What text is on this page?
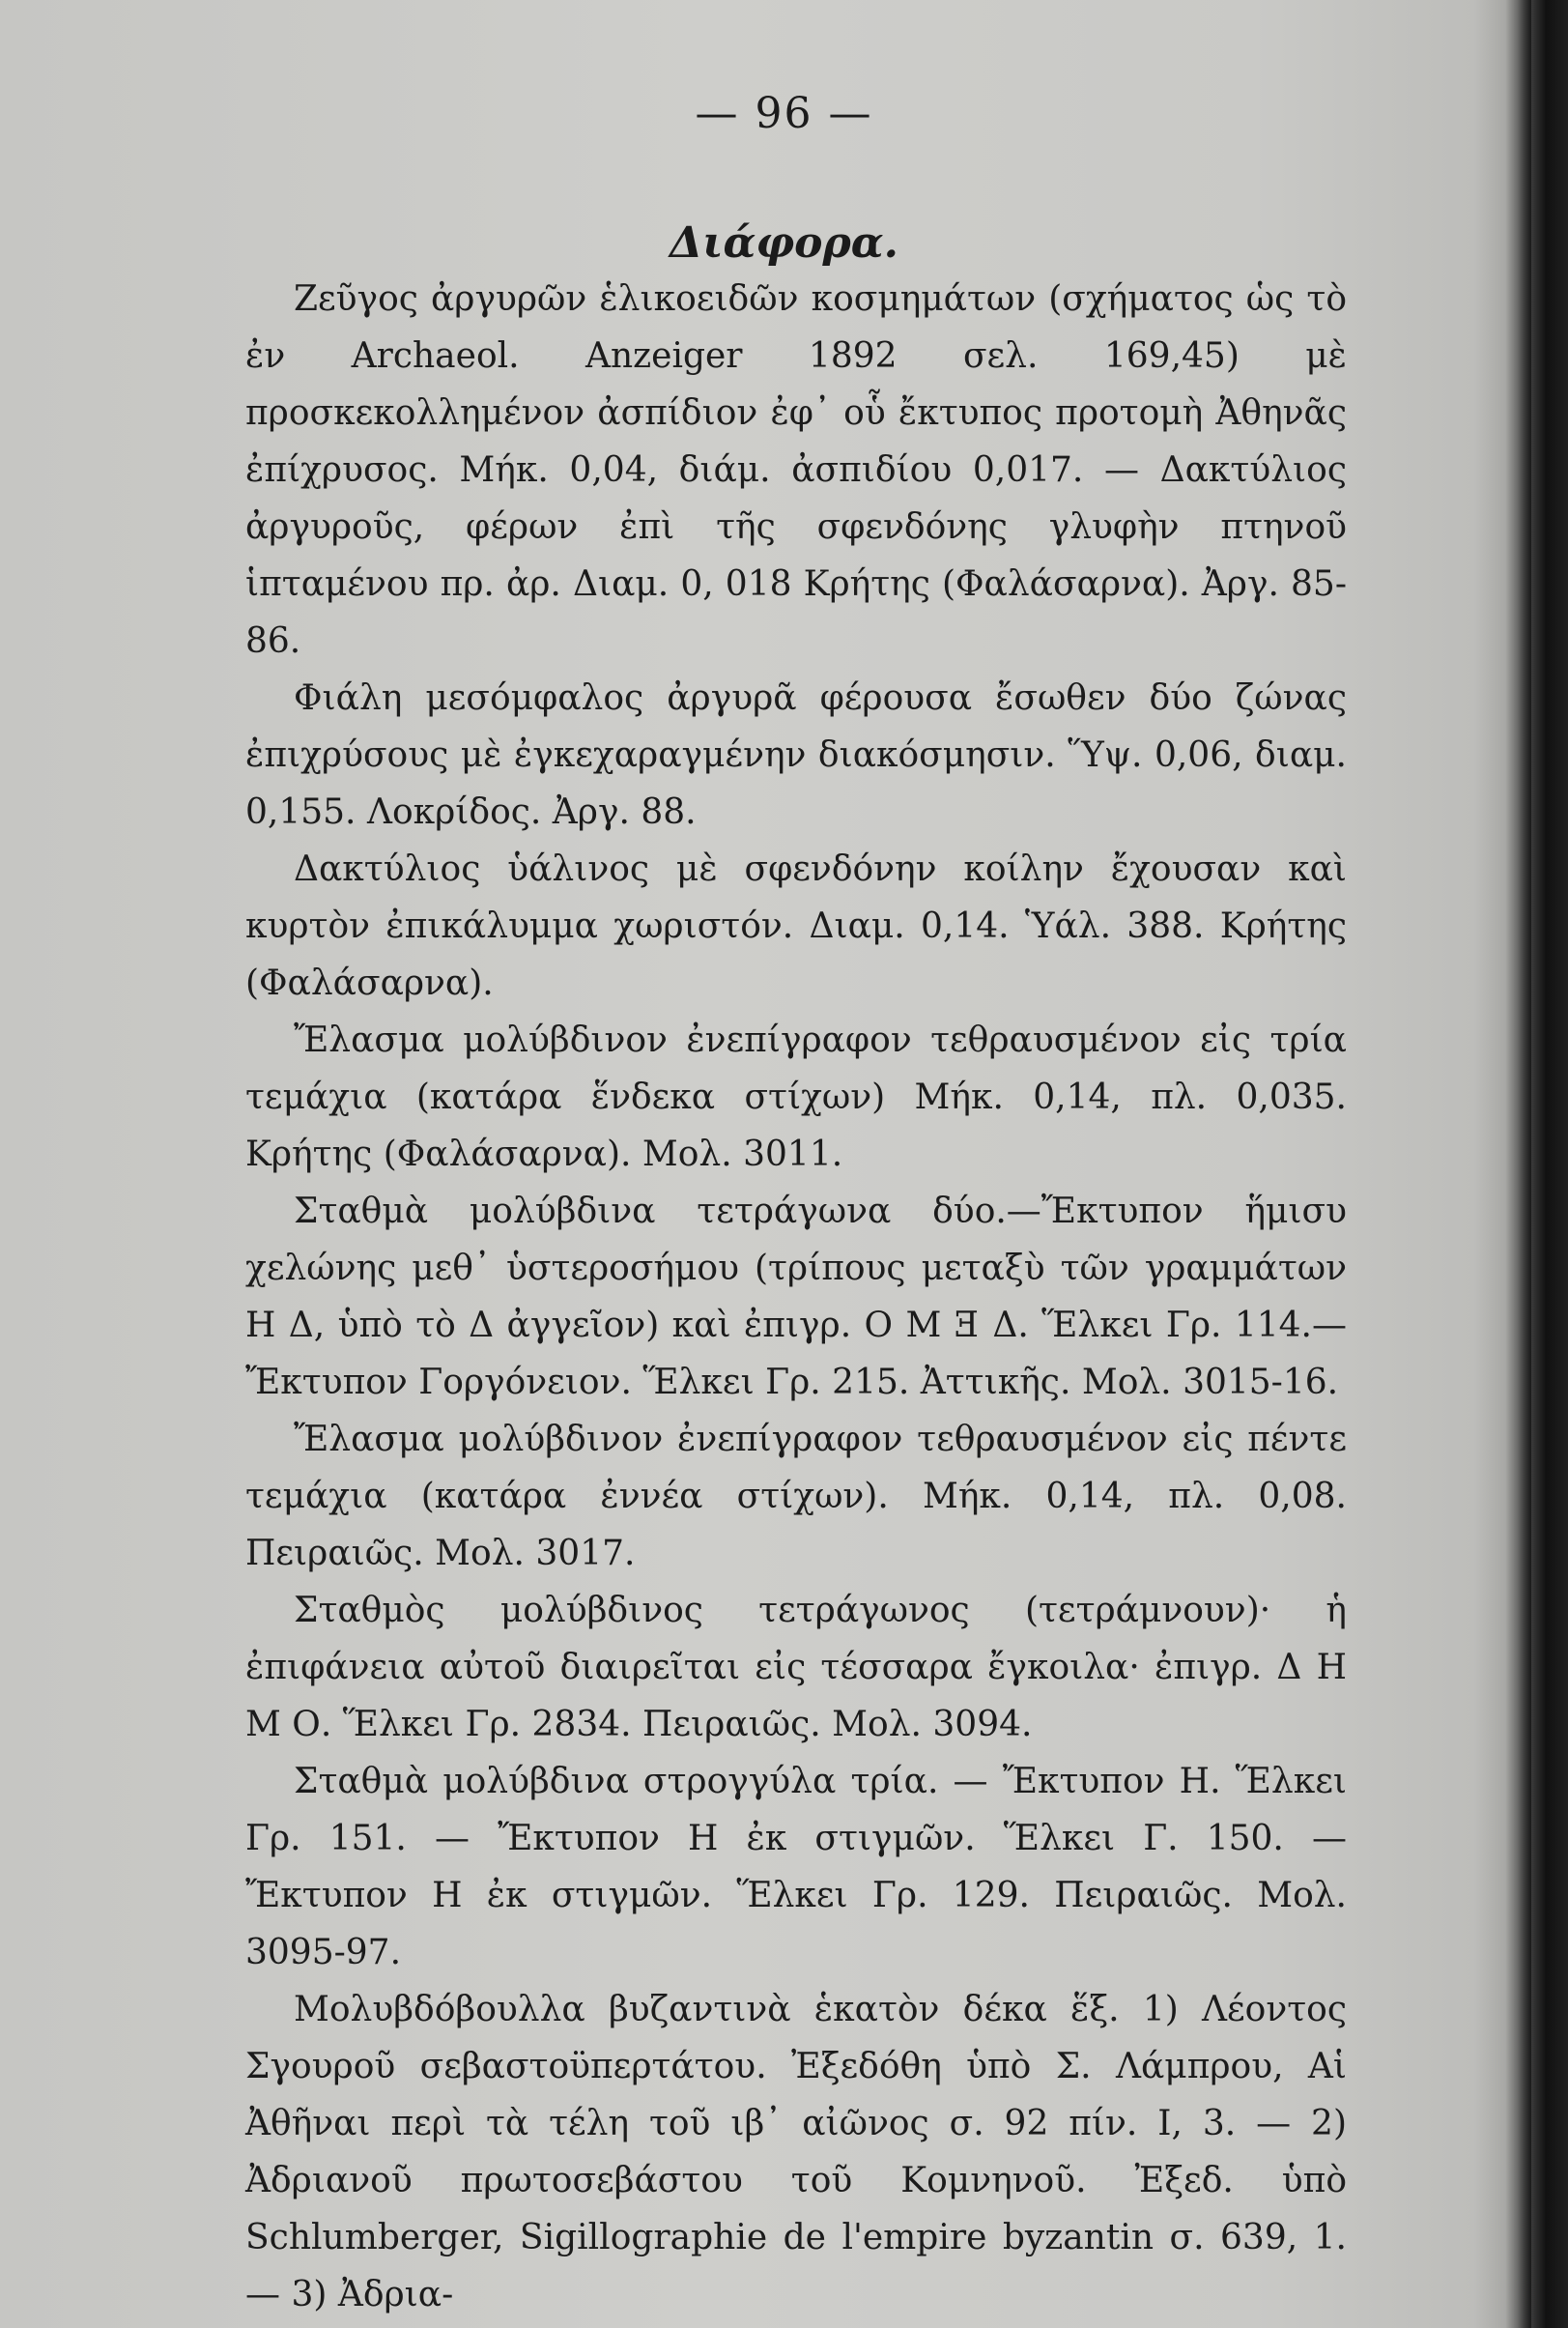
— 96 —
Διάφορα.

Ζεῦγος ἀργυρῶν ἑλικοειδῶν κοσμημάτων (σχήματος ὡς τὸ ἐν Archaeol. Anzeiger 1892 σελ. 169,45) μὲ προσκεκολλημένον ἀσπίδιον ἐφ᾽ οὗ ἔκτυπος προτομὴ Ἀθηνᾶς ἐπίχρυσος. Μήκ. 0,04, διάμ. ἀσπιδίου 0,017. — Δακτύλιος ἀργυροῦς, φέρων ἐπὶ τῆς σφενδόνης γλυφὴν πτηνοῦ ἱπταμένου πρ. ἀρ. Διαμ. 0, 018 Κρήτης (Φαλάσαρνα). Ἀργ. 85-86.

Φιάλη μεσόμφαλος ἀργυρᾶ φέρουσα ἔσωθεν δύο ζώνας ἐπιχρύσους μὲ ἐγκεχαραγμένην διακόσμησιν. Ὕψ. 0,06, διαμ. 0,155. Λοκρίδος. Ἀργ. 88.

Δακτύλιος ὑάλινος μὲ σφενδόνην κοίλην ἔχουσαν καὶ κυρτὸν ἐπικάλυμμα χωριστόν. Διαμ. 0,14. Ὑάλ. 388. Κρήτης (Φαλάσαρνα).

Ἔλασμα μολύβδινον ἐνεπίγραφον τεθραυσμένον εἰς τρία τεμάχια (κατάρα ἕνδεκα στίχων) Μήκ. 0,14, πλ. 0,035. Κρήτης (Φαλάσαρνα). Μολ. 3011.

Σταθμὰ μολύβδινα τετράγωνα δύο.—Ἔκτυπον ἥμισυ χελώνης μεθ᾽ ὑστεροσήμου (τρίπους μεταξὺ τῶν γραμμάτων Η Δ, ὑπὸ τὸ Δ ἀγγεῖον) καὶ ἐπιγρ. Ο Μ Ǝ Δ. Ἕλκει Γρ. 114.— Ἔκτυπον Γοργόνειον. Ἕλκει Γρ. 215. Ἀττικῆς. Μολ. 3015-16.

Ἔλασμα μολύβδινον ἐνεπίγραφον τεθραυσμένον εἰς πέντε τεμάχια (κατάρα ἐννέα στίχων). Μήκ. 0,14, πλ. 0,08. Πειραιῶς. Μολ. 3017.

Σταθμὸς μολύβδινος τετράγωνος (τετράμνουν)· ἡ ἐπιφάνεια αὐτοῦ διαιρεῖται εἰς τέσσαρα ἔγκοιλα· ἐπιγρ. Δ Η Μ Ο. Ἕλκει Γρ. 2834. Πειραιῶς. Μολ. 3094.

Σταθμὰ μολύβδινα στρογγύλα τρία. — Ἔκτυπον Η. Ἕλκει Γρ. 151. — Ἔκτυπον Η ἐκ στιγμῶν. Ἕλκει Γ. 150. — Ἔκτυπον Η ἐκ στιγμῶν. Ἕλκει Γρ. 129. Πειραιῶς. Μολ. 3095-97.

Μολυβδόβουλλα βυζαντινὰ ἑκατὸν δέκα ἕξ. 1) Λέοντος Σγουροῦ σεβαστοϋπερτάτου. Ἐξεδόθη ὑπὸ Σ. Λάμπρου, Αἱ Ἀθῆναι περὶ τὰ τέλη τοῦ ιβ᾽ αἰῶνος σ. 92 πίν. I, 3. — 2) Ἀδριανοῦ πρωτοσεβάστου τοῦ Κομνηνοῦ. Ἐξεδ. ὑπὸ Schlumberger, Sigillographie de l'empire byzantin σ. 639, 1. — 3) Ἀδρια-
